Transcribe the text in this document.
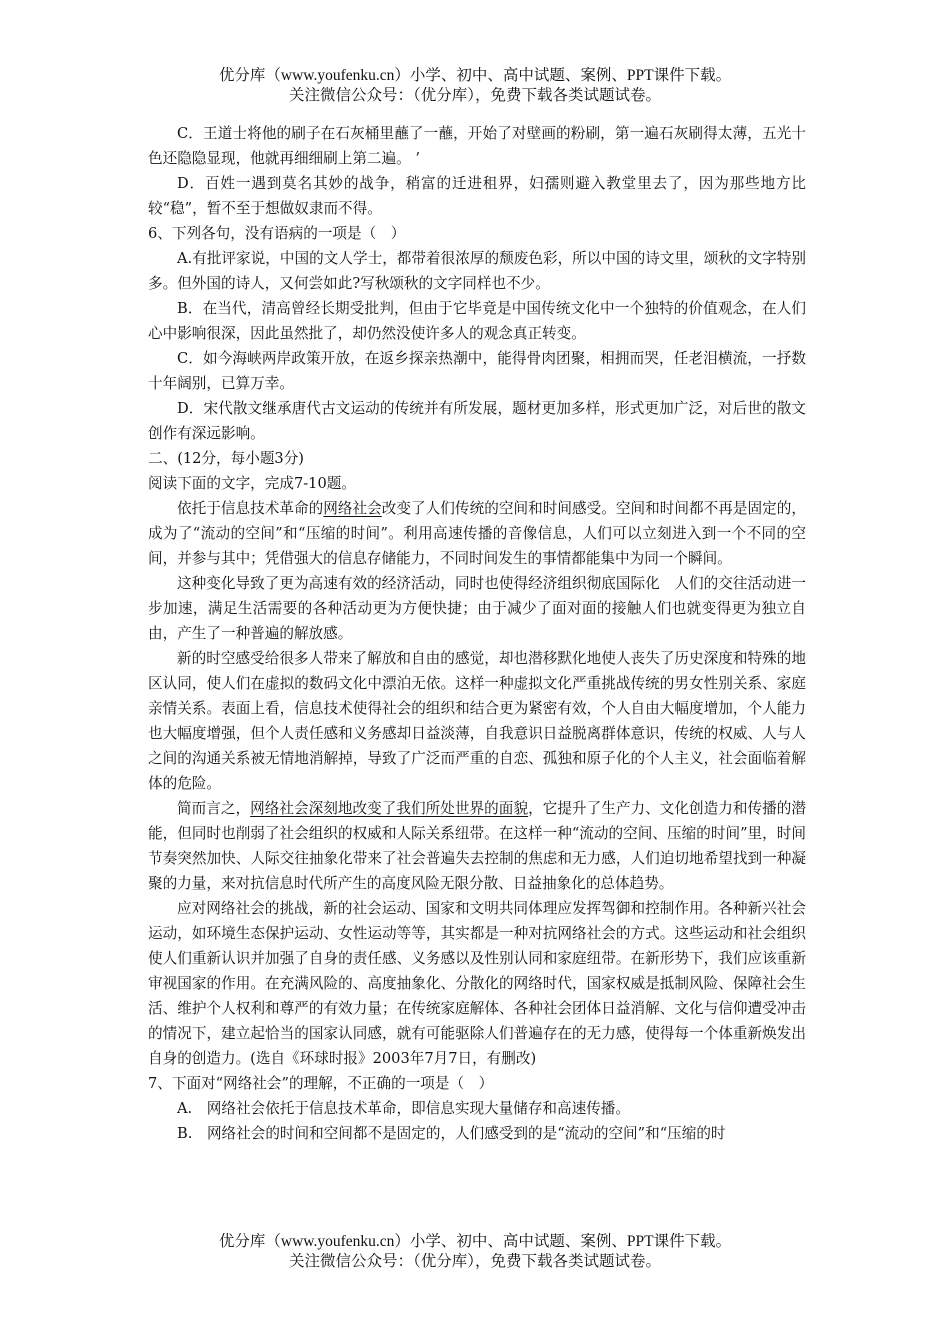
优分库（www.youfenku.cn）小学、初中、高中试题、案例、PPT课件下载。
关注微信公众号：（优分库），免费下载各类试题试卷。

C．王道士将他的刷子在石灰桶里蘸了一蘸，开始了对壁画的粉刷，第一遍石灰刷得太薄，五光十色还隐隐显现，他就再细细刷上第二遍。 ’

D．百姓一遇到莫名其妙的战争，稍富的迁进租界，妇孺则避入教堂里去了，因为那些地方比较“稳”，暂不至于想做奴隶而不得。

6、下列各句，没有语病的一项是（　）

A.有批评家说，中国的文人学士，都带着很浓厚的颓废色彩，所以中国的诗文里，颂秋的文字特别多。但外国的诗人，又何尝如此?写秋颂秋的文字同样也不少。

B．在当代，清高曾经长期受批判，但由于它毕竟是中国传统文化中一个独特的价值观念，在人们心中影响很深，因此虽然批了，却仍然没使许多人的观念真正转变。

C．如今海峡两岸政策开放，在返乡探亲热潮中，能得骨肉团聚，相拥而哭，任老泪横流，一抒数十年阔别，已算万幸。

D．宋代散文继承唐代古文运动的传统并有所发展，题材更加多样，形式更加广泛，对后世的散文创作有深远影响。

二、(12分，每小题3分)

阅读下面的文字，完成7-10题。

依托于信息技术革命的网络社会改变了人们传统的空间和时间感受。空间和时间都不再是固定的，成为了“流动的空间”和“压缩的时间”。利用高速传播的音像信息，人们可以立刻进入到一个不同的空间，并参与其中；凭借强大的信息存储能力，不同时间发生的事情都能集中为同一个瞬间。

这种变化导致了更为高速有效的经济活动，同时也使得经济组织彻底国际化　人们的交往活动进一步加速，满足生活需要的各种活动更为方便快捷；由于减少了面对面的接触人们也就变得更为独立自由，产生了一种普遍的解放感。

新的时空感受给很多人带来了解放和自由的感觉，却也潜移默化地使人丧失了历史深度和特殊的地区认同，使人们在虚拟的数码文化中漂泊无依。这样一种虚拟文化严重挑战传统的男女性别关系、家庭亲情关系。表面上看，信息技术使得社会的组织和结合更为紧密有效，个人自由大幅度增加，个人能力也大幅度增强，但个人责任感和义务感却日益淡薄，自我意识日益脱离群体意识，传统的权威、人与人之间的沟通关系被无情地消解掉，导致了广泛而严重的自恋、孤独和原子化的个人主义，社会面临着解体的危险。

简而言之，网络社会深刻地改变了我们所处世界的面貌，它提升了生产力、文化创造力和传播的潜能，但同时也削弱了社会组织的权威和人际关系纽带。在这样一种“流动的空间、压缩的时间”里，时间节奏突然加快、人际交往抽象化带来了社会普遍失去控制的焦虑和无力感，人们迫切地希望找到一种凝聚的力量，来对抗信息时代所产生的高度风险无限分散、日益抽象化的总体趋势。

应对网络社会的挑战，新的社会运动、国家和文明共同体理应发挥驾御和控制作用。各种新兴社会运动，如环境生态保护运动、女性运动等等，其实都是一种对抗网络社会的方式。这些运动和社会组织使人们重新认识并加强了自身的责任感、义务感以及性别认同和家庭纽带。在新形势下，我们应该重新审视国家的作用。在充满风险的、高度抽象化、分散化的网络时代，国家权威是抵制风险、保障社会生活、维护个人权利和尊严的有效力量；在传统家庭解体、各种社会团体日益消解、文化与信仰遭受冲击的情况下，建立起恰当的国家认同感，就有可能驱除人们普遍存在的无力感，使得每一个体重新焕发出自身的创造力。(选自《环球时报》2003年7月7日，有删改)

7、下面对“网络社会”的理解，不正确的一项是（　）

A.　网络社会依托于信息技术革命，即信息实现大量储存和高速传播。

B.　网络社会的时间和空间都不是固定的，人们感受到的是“流动的空间”和“压缩的时

优分库（www.youfenku.cn）小学、初中、高中试题、案例、PPT课件下载。
关注微信公众号：（优分库），免费下载各类试题试卷。
